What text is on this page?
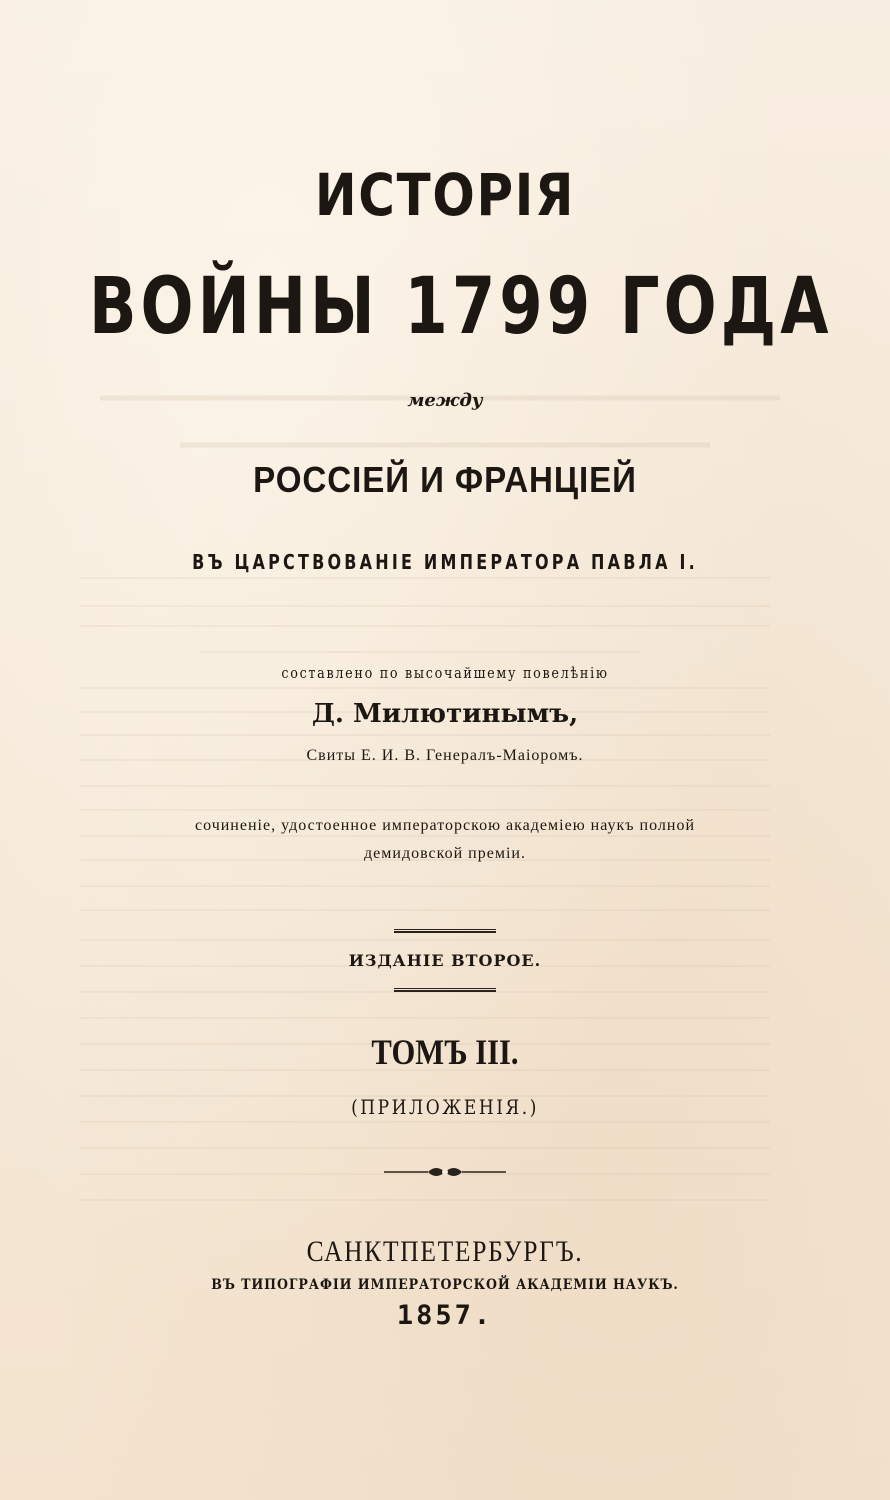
ИСТОРІЯ
ВОЙНЫ 1799 ГОДА
между
РОССІЕЙ И ФРАНЦІЕЙ
ВЪ ЦАРСТВОВАНІЕ ИМПЕРАТОРА ПАВЛА I.
составлено по высочайшему повелѣнію
Д. Милютинымъ,
Свиты Е. И. В. Генералъ-Маіоромъ.
сочиненіе, удостоенное императорскою академіею наукъ полной
демидовской преміи.
ИЗДАНІЕ ВТОРОЕ.
ТОМЪ III.
(ПРИЛОЖЕНІЯ.)
САНКТПЕТЕРБУРГЪ.
ВЪ ТИПОГРАФІИ ИМПЕРАТОРСКОЙ АКАДЕМІИ НАУКЪ.
1857.
